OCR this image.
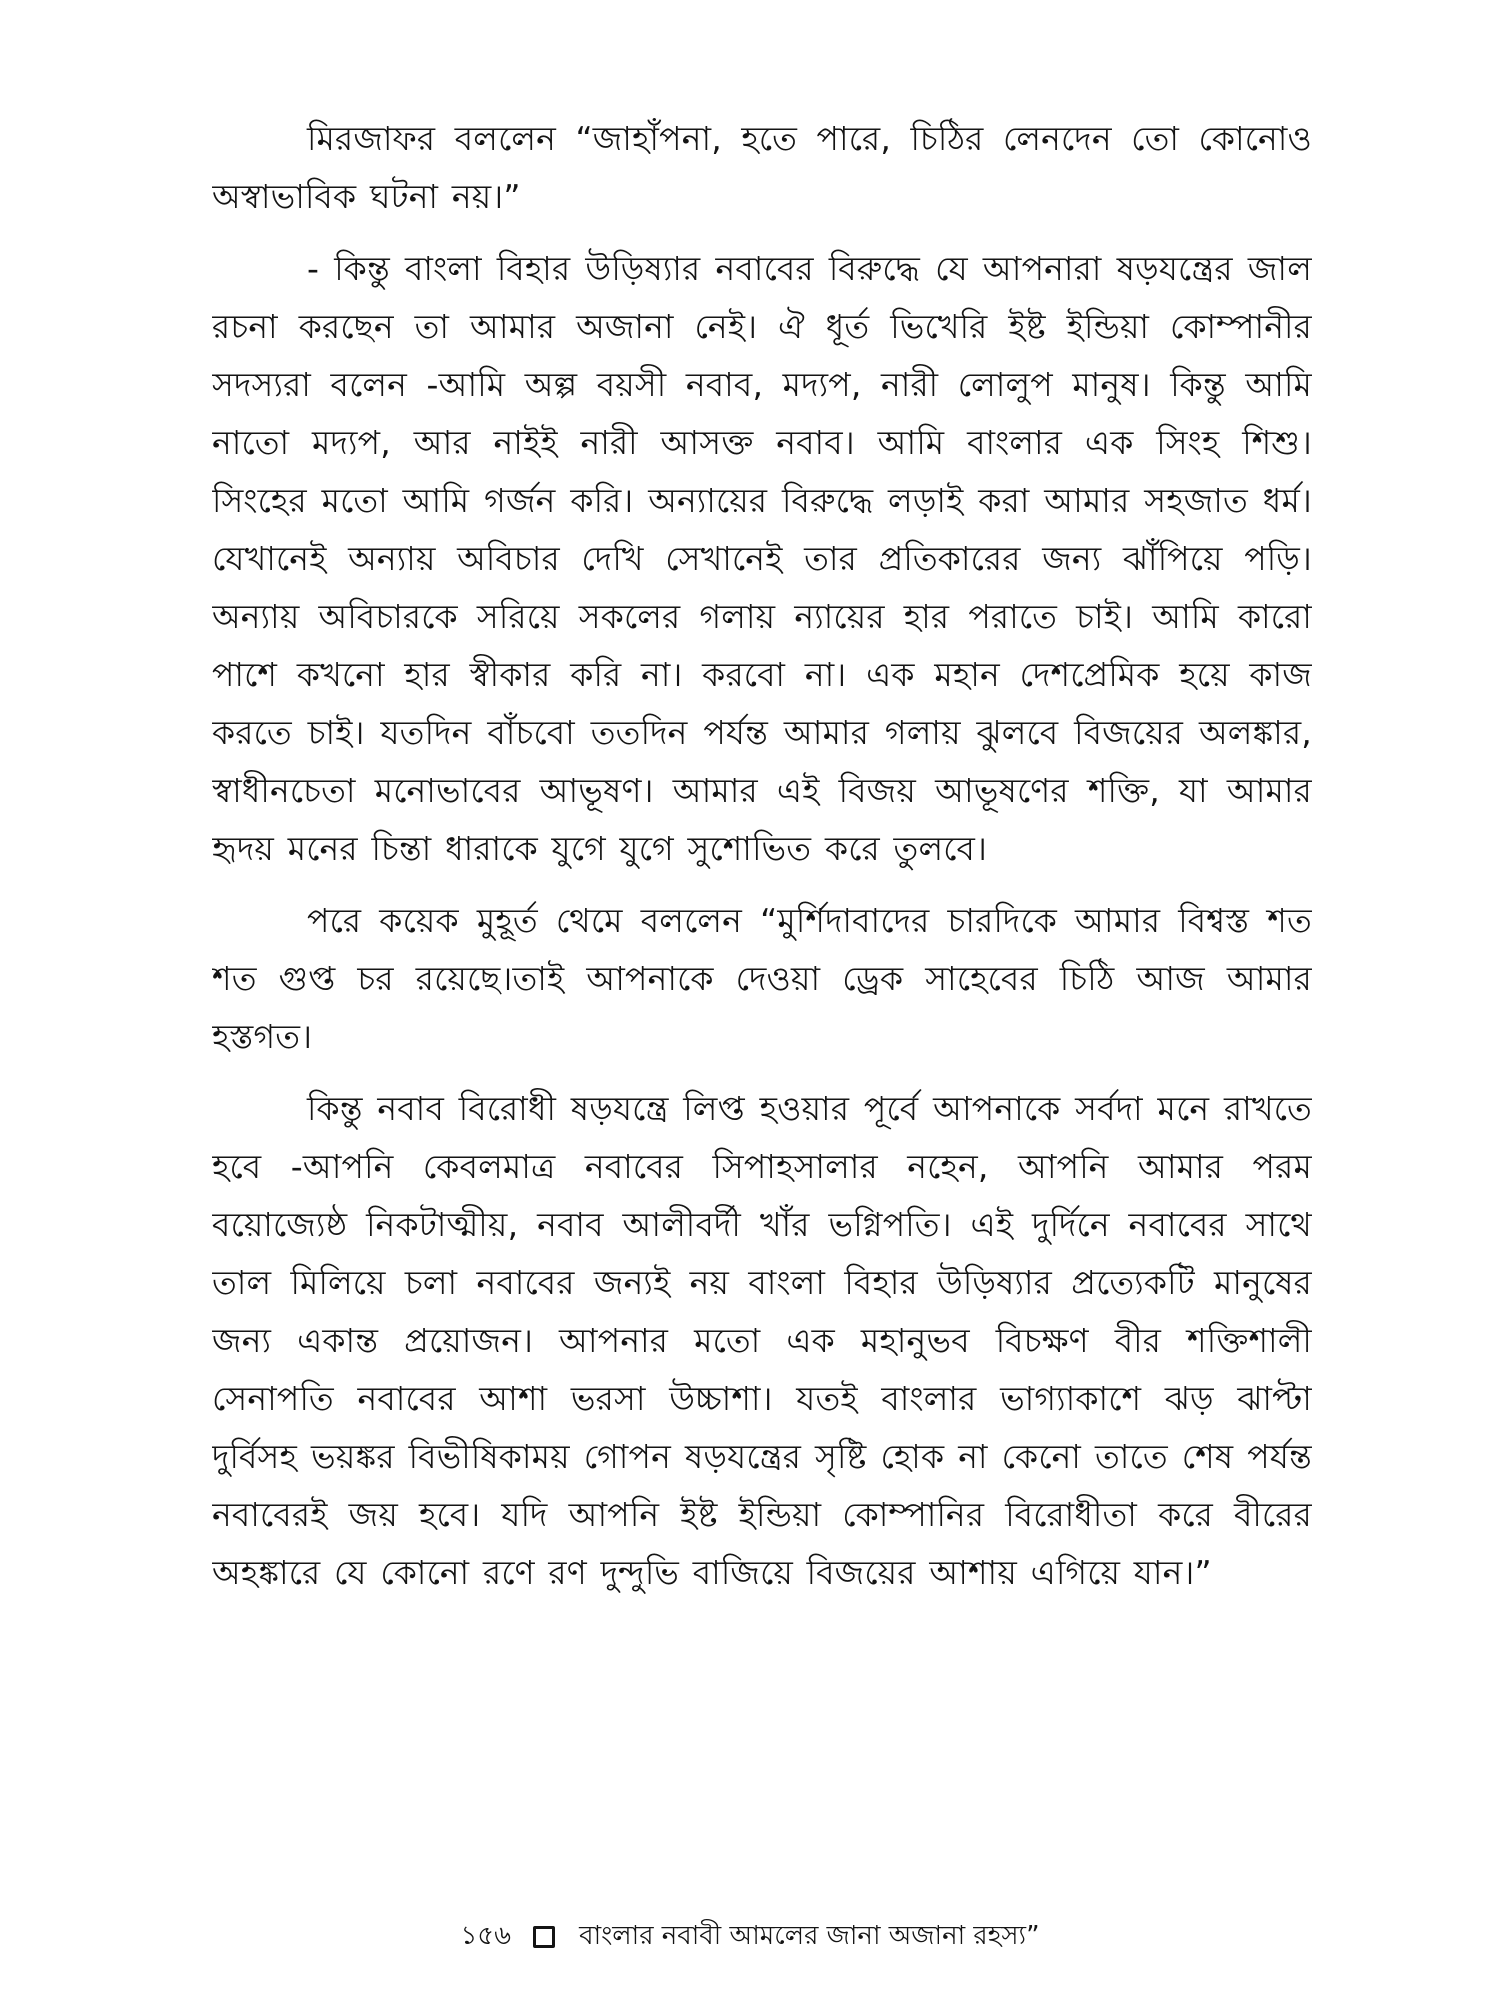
মিরজাফর বললেন “জাহাঁপনা, হতে পারে, চিঠির লেনদেন তো কোনোও অস্বাভাবিক ঘটনা নয়।”

- কিন্তু বাংলা বিহার উড়িষ্যার নবাবের বিরুদ্ধে যে আপনারা ষড়যন্ত্রের জাল রচনা করছেন তা আমার অজানা নেই। ঐ ধূর্ত ভিখেরি ইষ্ট ইন্ডিয়া কোম্পানীর সদস্যরা বলেন -আমি অল্প বয়সী নবাব, মদ্যপ, নারী লোলুপ মানুষ। কিন্তু আমি নাতো মদ্যপ, আর নাইই নারী আসক্ত নবাব। আমি বাংলার এক সিংহ শিশু। সিংহের মতো আমি গর্জন করি। অন্যায়ের বিরুদ্ধে লড়াই করা আমার সহজাত ধর্ম। যেখানেই অন্যায় অবিচার দেখি সেখানেই তার প্রতিকারের জন্য ঝাঁপিয়ে পড়ি। অন্যায় অবিচারকে সরিয়ে সকলের গলায় ন্যায়ের হার পরাতে চাই। আমি কারো পাশে কখনো হার স্বীকার করি না। করবো না। এক মহান দেশপ্রেমিক হয়ে কাজ করতে চাই। যতদিন বাঁচবো ততদিন পর্যন্ত আমার গলায় ঝুলবে বিজয়ের অলঙ্কার, স্বাধীনচেতা মনোভাবের আভূষণ। আমার এই বিজয় আভূষণের শক্তি, যা আমার হৃদয় মনের চিন্তা ধারাকে যুগে যুগে সুশোভিত করে তুলবে।

পরে কয়েক মুহূর্ত থেমে বললেন “মুর্শিদাবাদের চারদিকে আমার বিশ্বস্ত শত শত গুপ্ত চর রয়েছে।তাই আপনাকে দেওয়া ড্রেক সাহেবের চিঠি আজ আমার হস্তগত।

কিন্তু নবাব বিরোধী ষড়যন্ত্রে লিপ্ত হওয়ার পূর্বে আপনাকে সর্বদা মনে রাখতে হবে -আপনি কেবলমাত্র নবাবের সিপাহসালার নহেন, আপনি আমার পরম বয়োজ্যেষ্ঠ নিকটাত্মীয়, নবাব আলীবর্দী খাঁর ভগ্নিপতি। এই দুর্দিনে নবাবের সাথে তাল মিলিয়ে চলা নবাবের জন্যই নয় বাংলা বিহার উড়িষ্যার প্রত্যেকটি মানুষের জন্য একান্ত প্রয়োজন। আপনার মতো এক মহানুভব বিচক্ষণ বীর শক্তিশালী সেনাপতি নবাবের আশা ভরসা উচ্চাশা। যতই বাংলার ভাগ্যাকাশে ঝড় ঝাপ্টা দুর্বিসহ ভয়ঙ্কর বিভীষিকাময় গোপন ষড়যন্ত্রের সৃষ্টি হোক না কেনো তাতে শেষ পর্যন্ত নবাবেরই জয় হবে। যদি আপনি ইষ্ট ইন্ডিয়া কোম্পানির বিরোধীতা করে বীরের অহঙ্কারে যে কোনো রণে রণ দুন্দুভি বাজিয়ে বিজয়ের আশায় এগিয়ে যান।”

১৫৬	বাংলার নবাবী আমলের জানা অজানা রহস্য”
